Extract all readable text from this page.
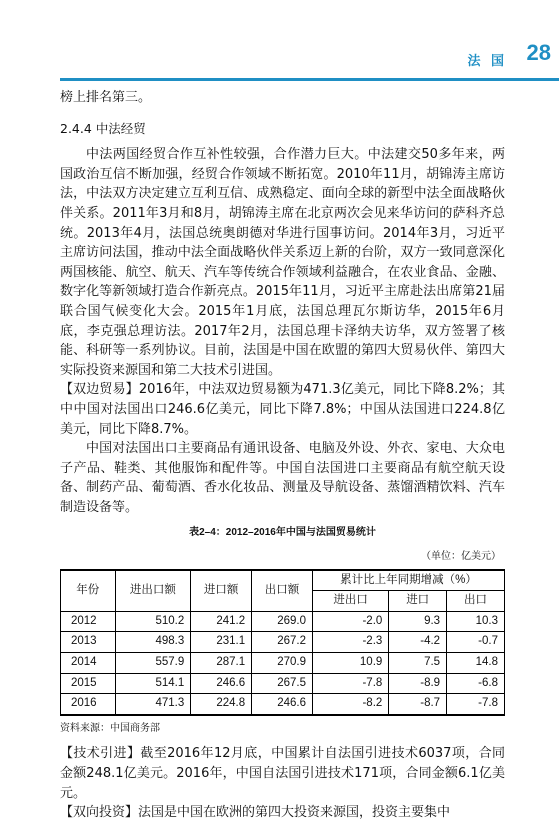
法 国 28

榜上排名第三。

2.4.4 中法经贸

中法两国经贸合作互补性较强，合作潜力巨大。中法建交50多年来，两国政治互信不断加强，经贸合作领域不断拓宽。2010年11月，胡锦涛主席访法，中法双方决定建立互利互信、成熟稳定、面向全球的新型中法全面战略伙伴关系。2011年3月和8月，胡锦涛主席在北京两次会见来华访问的萨科齐总统。2013年4月，法国总统奥朗德对华进行国事访问。2014年3月，习近平主席访问法国，推动中法全面战略伙伴关系迈上新的台阶，双方一致同意深化两国核能、航空、航天、汽车等传统合作领域利益融合，在农业食品、金融、数字化等新领域打造合作新亮点。2015年11月，习近平主席赴法出席第21届联合国气候变化大会。2015年1月底，法国总理瓦尔斯访华，2015年6月底，李克强总理访法。2017年2月，法国总理卡泽纳夫访华，双方签署了核能、科研等一系列协议。目前，法国是中国在欧盟的第四大贸易伙伴、第四大实际投资来源国和第二大技术引进国。

【双边贸易】2016年，中法双边贸易额为471.3亿美元，同比下降8.2%；其中中国对法国出口246.6亿美元，同比下降7.8%；中国从法国进口224.8亿美元，同比下降8.7%。

中国对法国出口主要商品有通讯设备、电脑及外设、外衣、家电、大众电子产品、鞋类、其他服饰和配件等。中国自法国进口主要商品有航空航天设备、制药产品、葡萄酒、香水化妆品、测量及导航设备、蒸馏酒精饮料、汽车制造设备等。

表2–4：2012–2016年中国与法国贸易统计
（单位：亿美元）
年份	进出口额	进口额	出口额	累计比上年同期增减（%）		
				进出口	进口	出口
2012	510.2	241.2	269.0	-2.0	9.3	10.3
2013	498.3	231.1	267.2	-2.3	-4.2	-0.7
2014	557.9	287.1	270.9	10.9	7.5	14.8
2015	514.1	246.6	267.5	-7.8	-8.9	-6.8
2016	471.3	224.8	246.6	-8.2	-8.7	-7.8

资料来源：中国商务部

【技术引进】截至2016年12月底，中国累计自法国引进技术6037项，合同金额248.1亿美元。2016年，中国自法国引进技术171项，合同金额6.1亿美元。

【双向投资】法国是中国在欧洲的第四大投资来源国，投资主要集中
